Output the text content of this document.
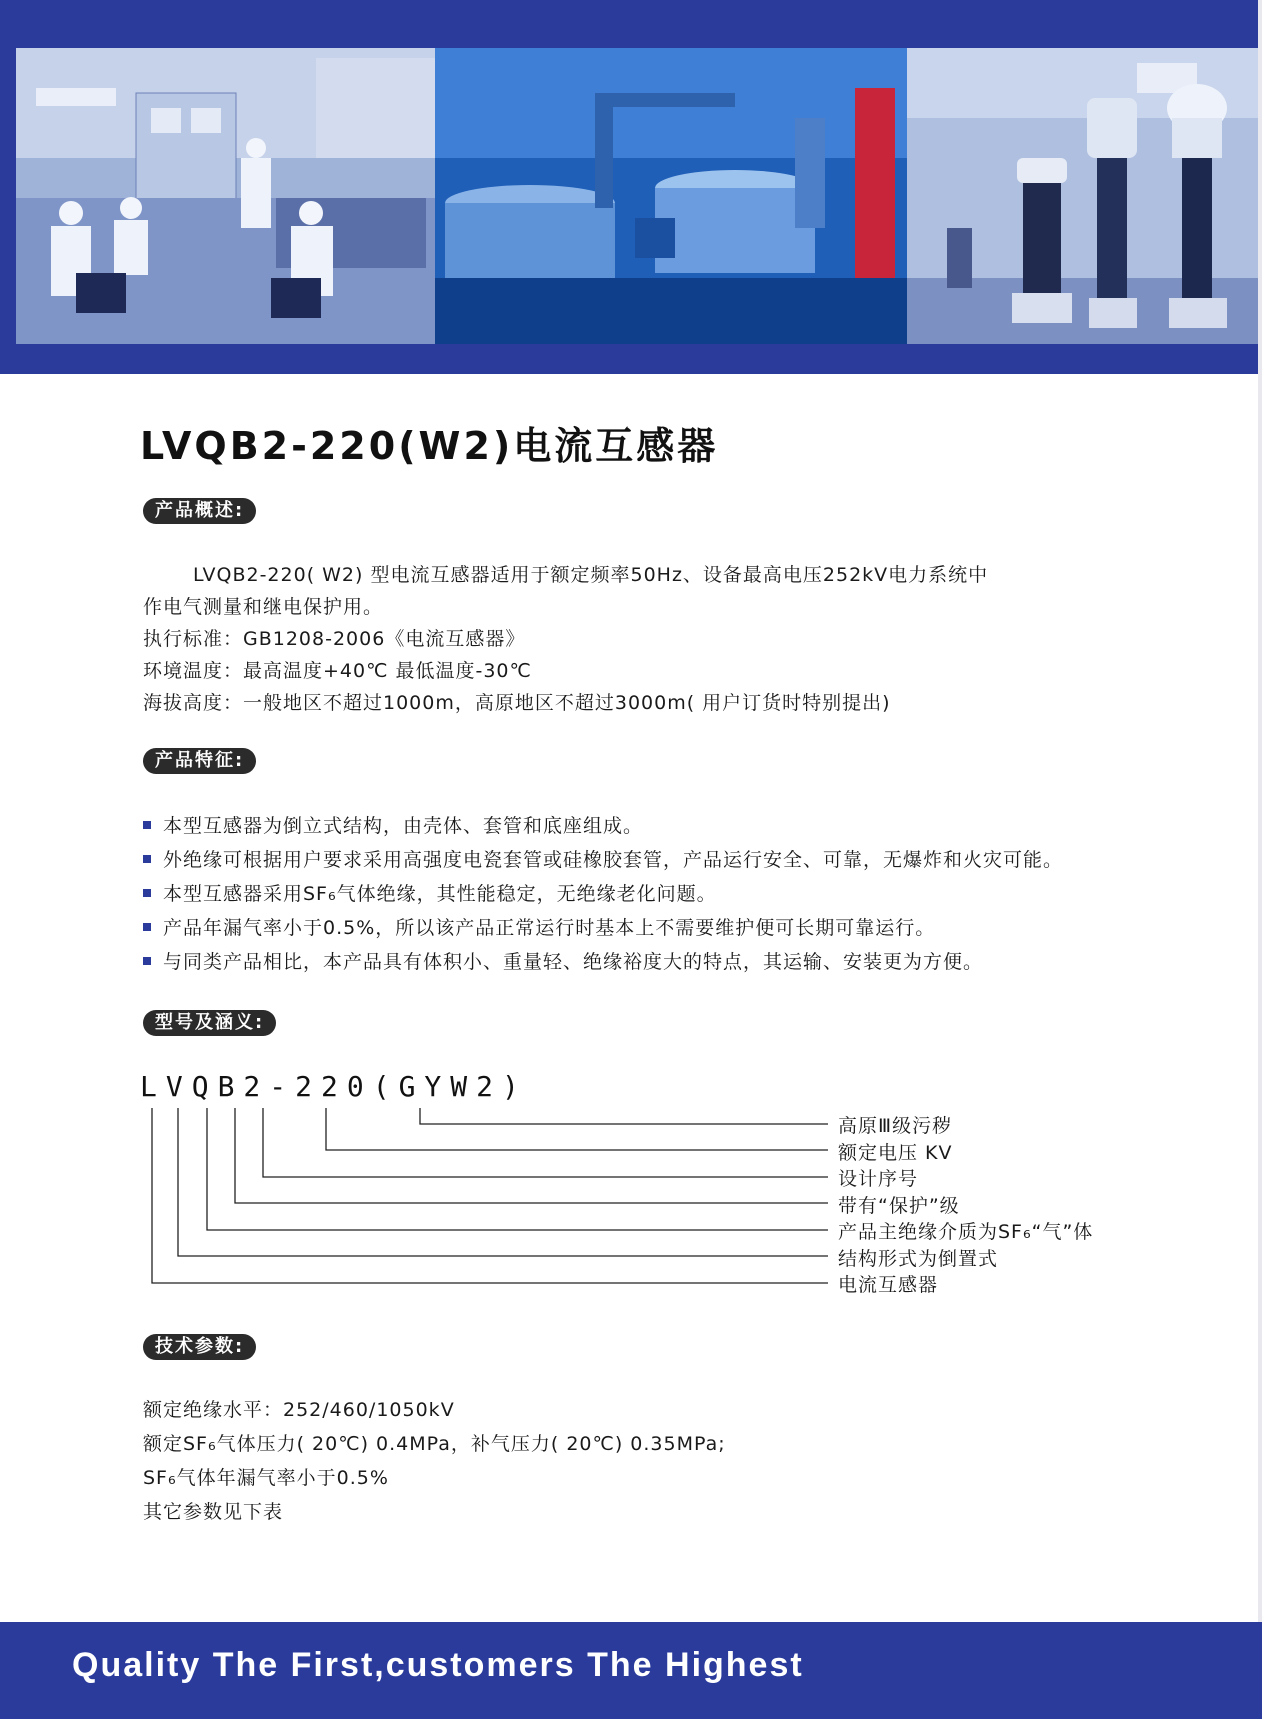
LVQB2-220(W2)电流互感器
产品概述:
LVQB2-220( W2) 型电流互感器适用于额定频率50Hz、设备最高电压252kV电力系统中
作电气测量和继电保护用。
执行标准：GB1208-2006《电流互感器》
环境温度：最高温度+40℃ 最低温度-30℃
海拔高度：一般地区不超过1000m，高原地区不超过3000m( 用户订货时特别提出)
产品特征:
本型互感器为倒立式结构，由壳体、套管和底座组成。
外绝缘可根据用户要求采用高强度电瓷套管或硅橡胶套管，产品运行安全、可靠，无爆炸和火灾可能。
本型互感器采用SF₆气体绝缘，其性能稳定，无绝缘老化问题。
产品年漏气率小于0.5%，所以该产品正常运行时基本上不需要维护便可长期可靠运行。
与同类产品相比，本产品具有体积小、重量轻、绝缘裕度大的特点，其运输、安装更为方便。
型号及涵义:
LVQB2-220(GYW2)
高原Ⅲ级污秽
额定电压 KV
设计序号
带有“保护”级
产品主绝缘介质为SF₆“气”体
结构形式为倒置式
电流互感器
技术参数:
额定绝缘水平：252/460/1050kV
额定SF₆气体压力( 20℃) 0.4MPa，补气压力( 20℃) 0.35MPa;
SF₆气体年漏气率小于0.5%
其它参数见下表
Quality The First,customers The Highest
